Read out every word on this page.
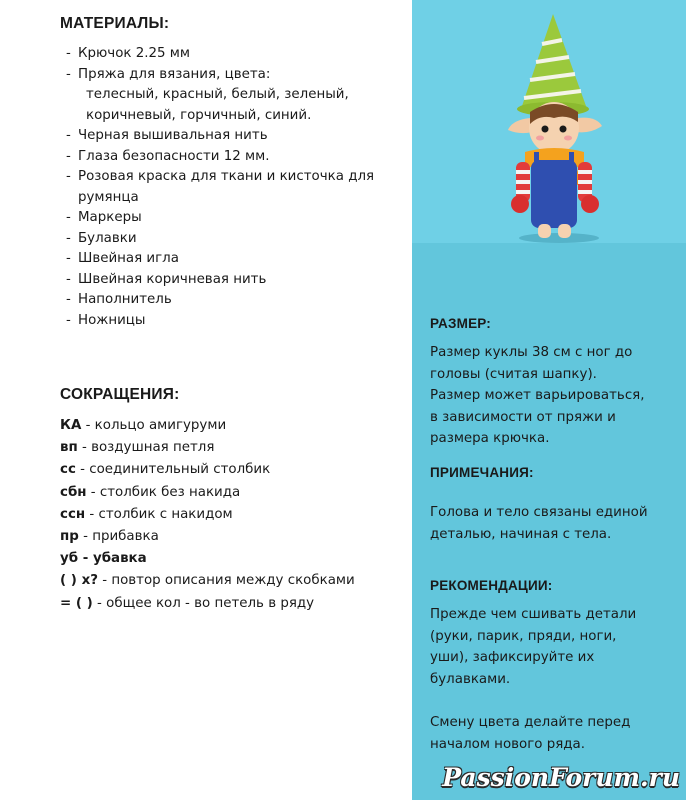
МАТЕРИАЛЫ:
- Крючок 2.25 мм
- Пряжа для вязания, цвета:
телесный, красный, белый, зеленый,
коричневый, горчичный, синий.
- Черная вышивальная нить
- Глаза безопасности 12 мм.
- Розовая краска для ткани и кисточка для
румянца
- Маркеры
- Булавки
- Швейная игла
- Швейная коричневая нить
- Наполнитель
- Ножницы
СОКРАЩЕНИЯ:
КА - кольцо амигуруми
вп - воздушная петля
сс - соединительный столбик
сбн - столбик без накида
ссн - столбик с накидом
пр - прибавка
уб - убавка
( ) х? - повтор описания между скобками
= ( ) - общее кол - во петель в ряду
РАЗМЕР:

Размер куклы 38 см с ног до
головы (считая шапку).
Размер может варьироваться,
в зависимости от пряжи и
размера крючка.

ПРИМЕЧАНИЯ:

Голова и тело связаны единой
деталью, начиная с тела.

РЕКОМЕНДАЦИИ:

Прежде чем сшивать детали
(руки, парик, пряди, ноги,
уши), зафиксируйте их
булавками.

Смену цвета делайте перед
началом нового ряда.

PassionForum.ru
